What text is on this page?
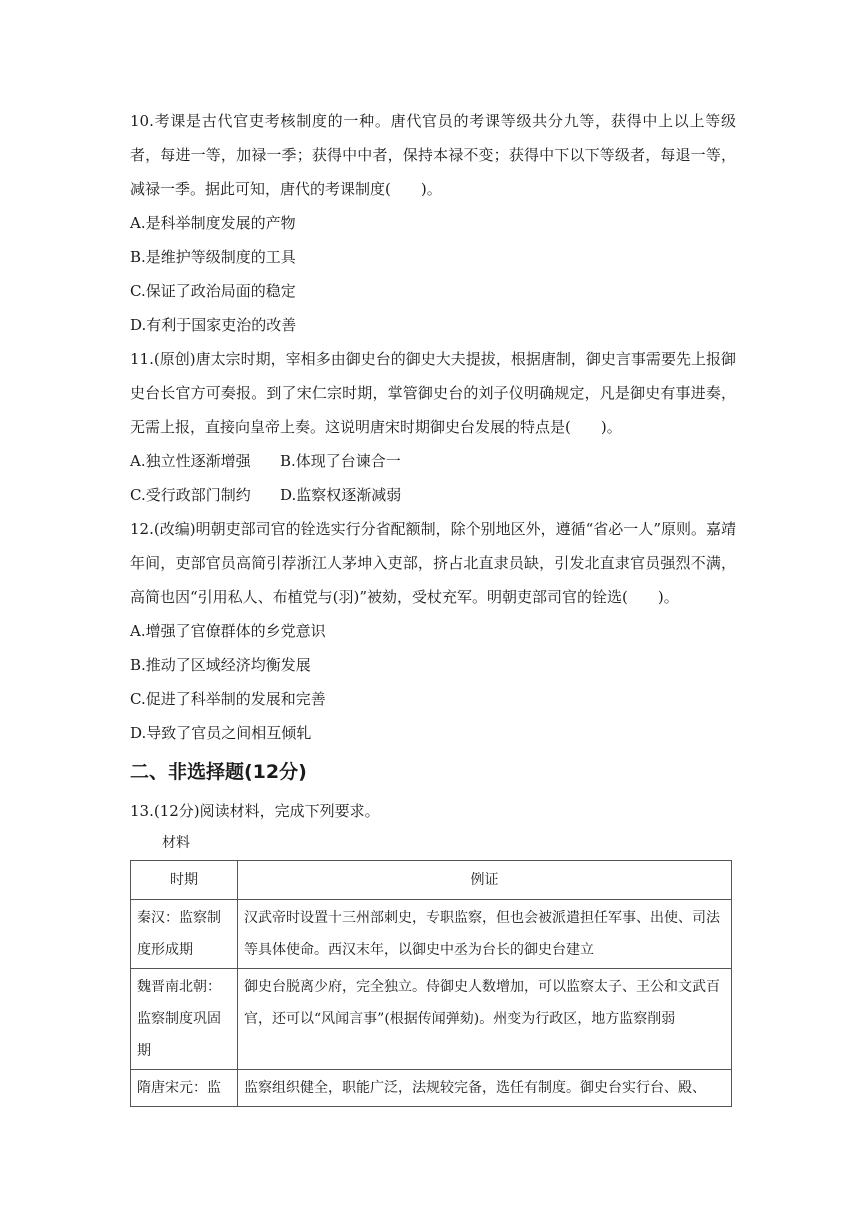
10.考课是古代官吏考核制度的一种。唐代官员的考课等级共分九等，获得中上以上等级者，每进一等，加禄一季；获得中中者，保持本禄不变；获得中下以下等级者，每退一等，减禄一季。据此可知，唐代的考课制度(　　)。

A.是科举制度发展的产物

B.是维护等级制度的工具

C.保证了政治局面的稳定

D.有利于国家吏治的改善

11.(原创)唐太宗时期，宰相多由御史台的御史大夫提拔，根据唐制，御史言事需要先上报御史台长官方可奏报。到了宋仁宗时期，掌管御史台的刘子仪明确规定，凡是御史有事进奏，无需上报，直接向皇帝上奏。这说明唐宋时期御史台发展的特点是(　　)。

A.独立性逐渐增强	B.体现了台谏合一
C.受行政部门制约	D.监察权逐渐减弱

12.(改编)明朝吏部司官的铨选实行分省配额制，除个别地区外，遵循“省必一人”原则。嘉靖年间，吏部官员高简引荐浙江人茅坤入吏部，挤占北直隶员缺，引发北直隶官员强烈不满，高简也因“引用私人、布植党与(羽)”被劾，受杖充军。明朝吏部司官的铨选(　　)。

A.增强了官僚群体的乡党意识

B.推动了区域经济均衡发展

C.促进了科举制的发展和完善

D.导致了官员之间相互倾轧

二、非选择题(12分)

13.(12分)阅读材料，完成下列要求。

材料

时期	例证
秦汉：监察制度形成期	汉武帝时设置十三州部刺史，专职监察，但也会被派遣担任军事、出使、司法等具体使命。西汉末年，以御史中丞为台长的御史台建立
魏晋南北朝：监察制度巩固期	御史台脱离少府，完全独立。侍御史人数增加，可以监察太子、王公和文武百官，还可以“风闻言事”(根据传闻弹劾)。州变为行政区，地方监察削弱
隋唐宋元：监	监察组织健全，职能广泛，法规较完备，选任有制度。御史台实行台、殿、
